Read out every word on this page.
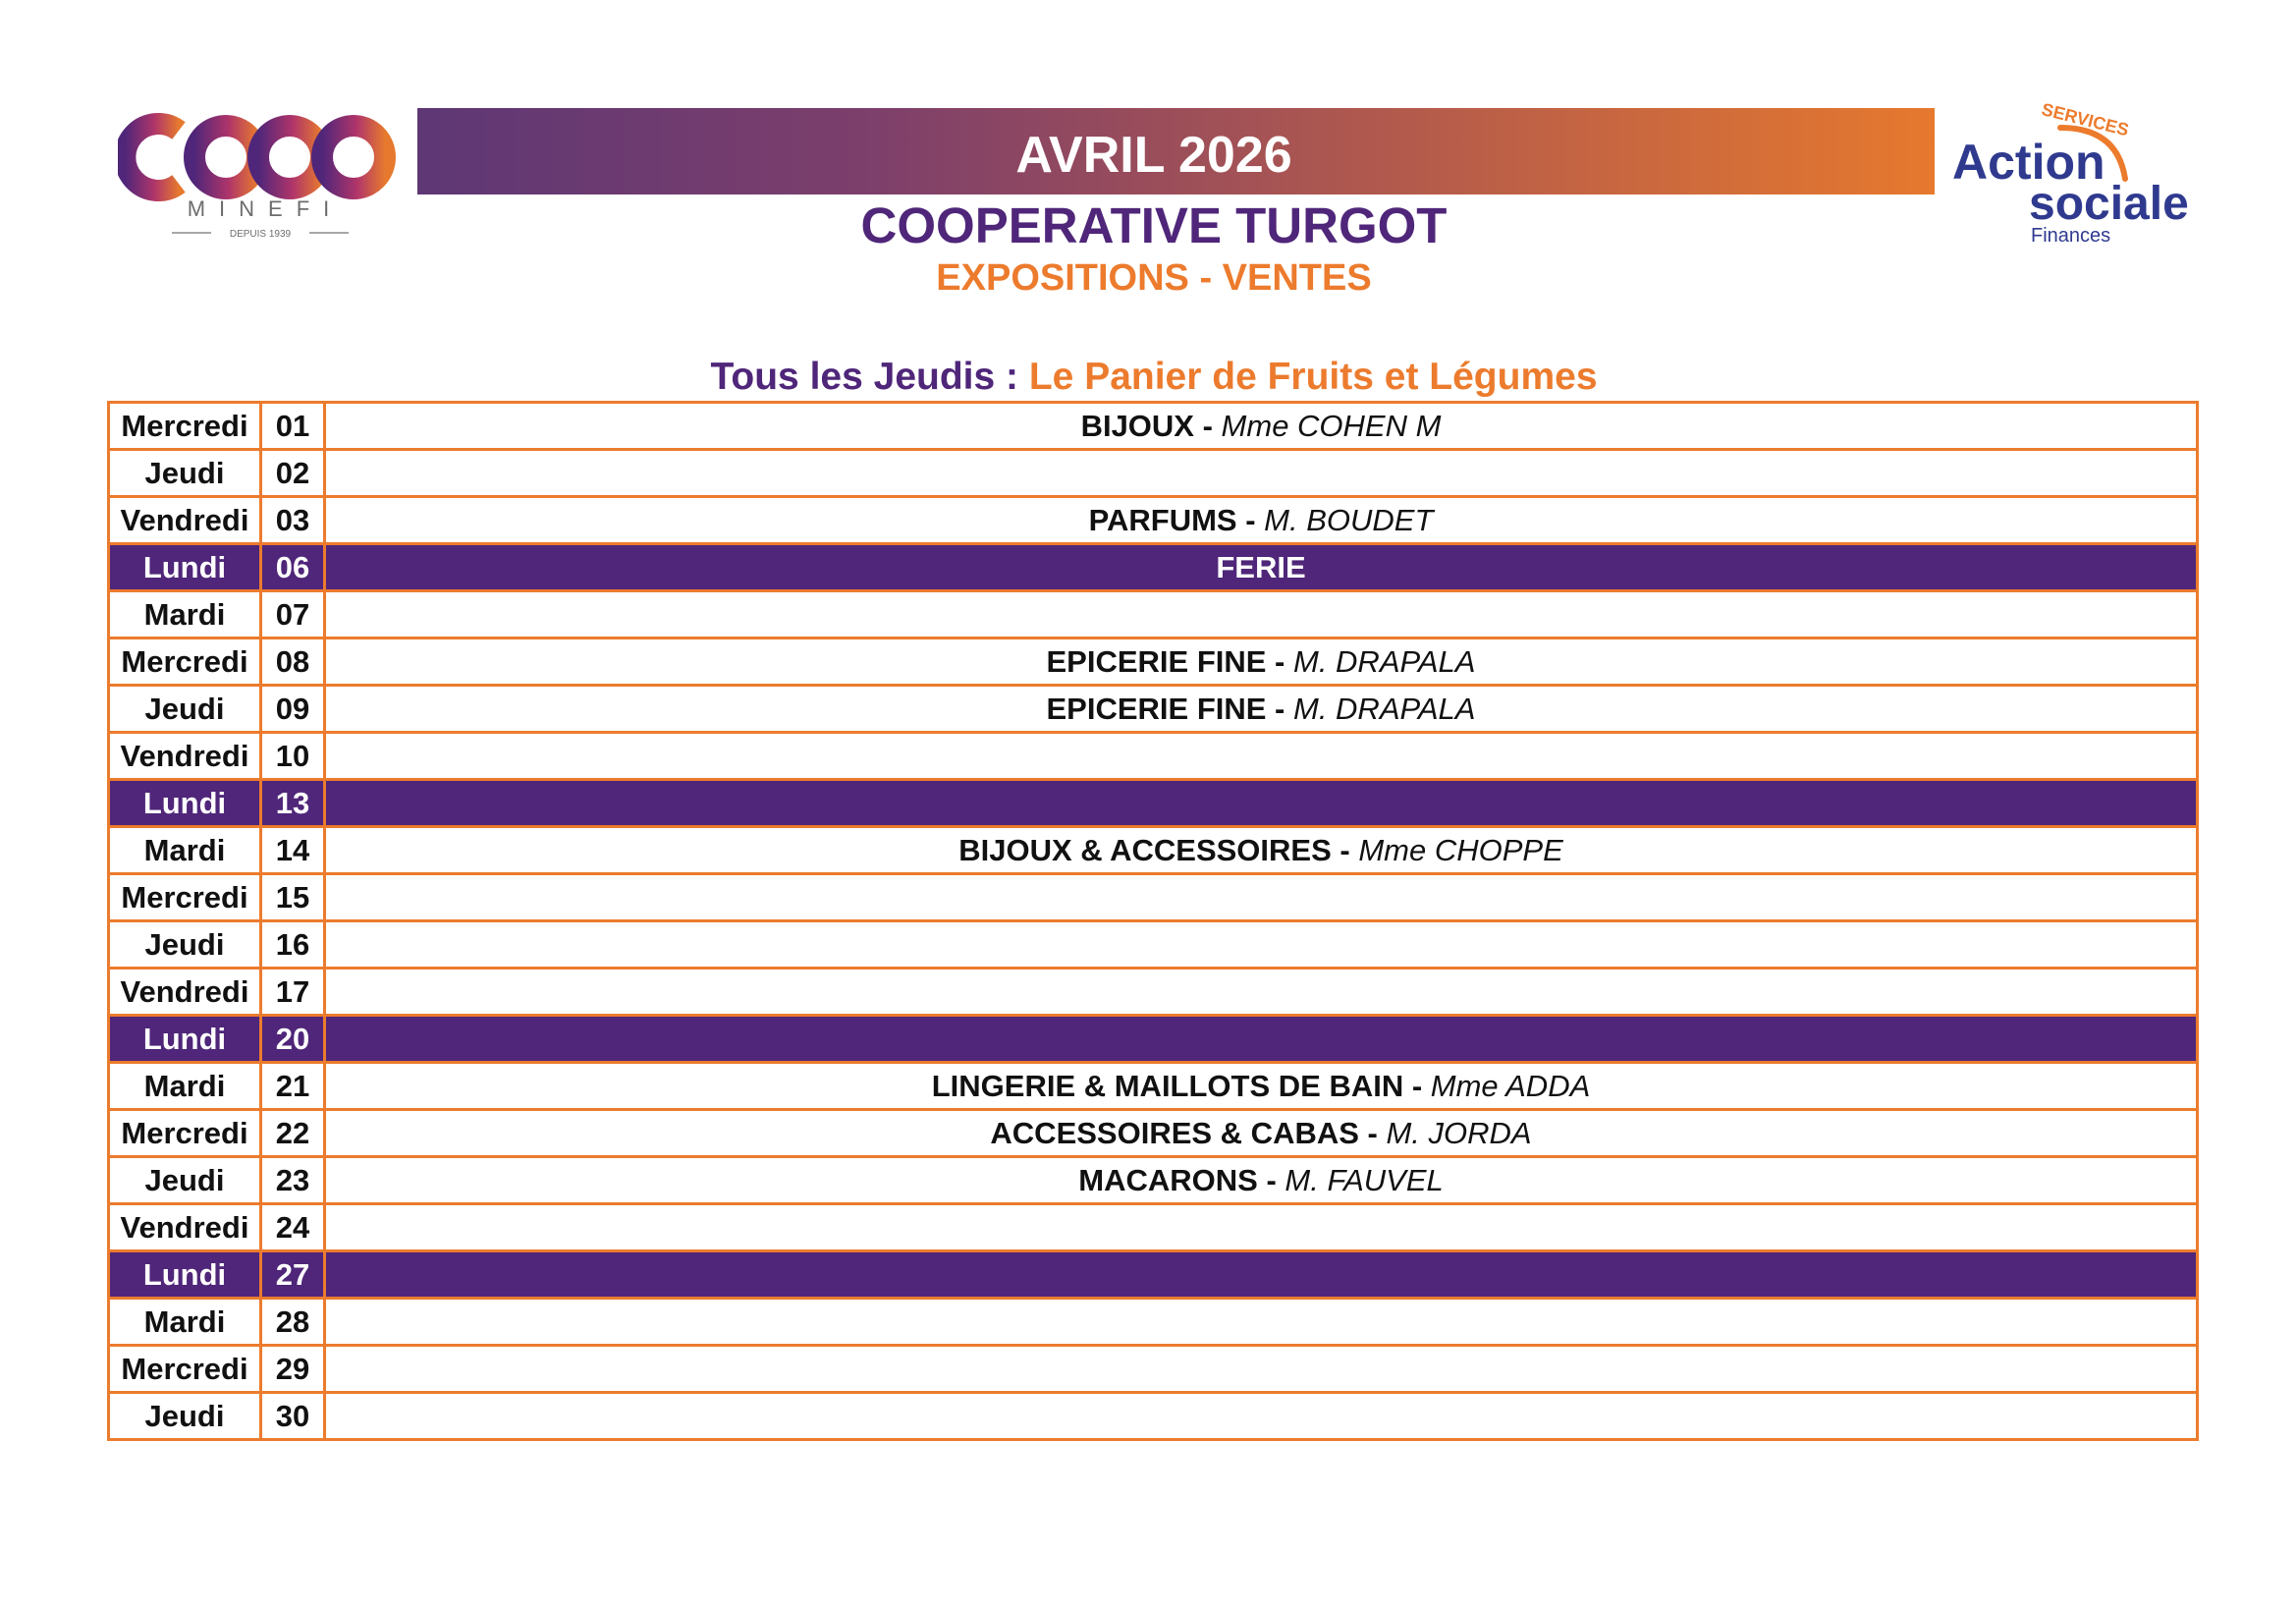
MINEFI
DEPUIS 1939
SERVICES
Action
sociale
Finances
AVRIL 2026
COOPERATIVE TURGOT
EXPOSITIONS - VENTES
Tous les Jeudis : Le Panier de Fruits et Légumes
Mercredi	01	BIJOUX - Mme COHEN M
Jeudi	02	
Vendredi	03	PARFUMS - M. BOUDET
Lundi	06	FERIE
Mardi	07	
Mercredi	08	EPICERIE FINE - M. DRAPALA
Jeudi	09	EPICERIE FINE - M. DRAPALA
Vendredi	10	
Lundi	13	
Mardi	14	BIJOUX & ACCESSOIRES - Mme CHOPPE
Mercredi	15	
Jeudi	16	
Vendredi	17	
Lundi	20	
Mardi	21	LINGERIE & MAILLOTS DE BAIN - Mme ADDA
Mercredi	22	ACCESSOIRES & CABAS - M. JORDA
Jeudi	23	MACARONS - M. FAUVEL
Vendredi	24	
Lundi	27	
Mardi	28	
Mercredi	29	
Jeudi	30	
